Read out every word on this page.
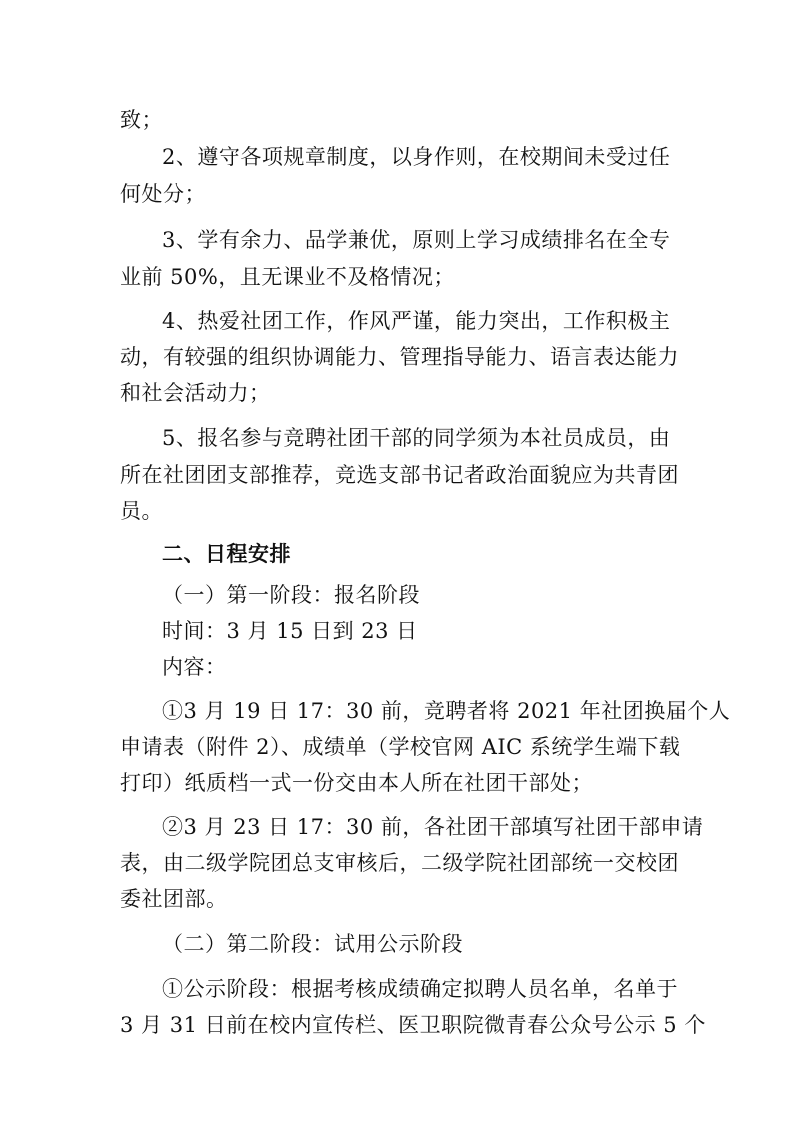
致；
2、遵守各项规章制度，以身作则，在校期间未受过任
何处分；
3、学有余力、品学兼优，原则上学习成绩排名在全专
业前 50%，且无课业不及格情况；
4、热爱社团工作，作风严谨，能力突出，工作积极主
动，有较强的组织协调能力、管理指导能力、语言表达能力
和社会活动力；
5、报名参与竞聘社团干部的同学须为本社员成员，由
所在社团团支部推荐，竞选支部书记者政治面貌应为共青团
员。
二、日程安排
（一）第一阶段：报名阶段
时间：3 月 15 日到 23 日
内容：
①3 月 19 日 17：30 前，竞聘者将 2021 年社团换届个人
申请表（附件 2）、成绩单（学校官网 AIC 系统学生端下载
打印）纸质档一式一份交由本人所在社团干部处；
②3 月 23 日 17：30 前，各社团干部填写社团干部申请
表，由二级学院团总支审核后，二级学院社团部统一交校团
委社团部。
（二）第二阶段：试用公示阶段
①公示阶段：根据考核成绩确定拟聘人员名单，名单于
3 月 31 日前在校内宣传栏、医卫职院微青春公众号公示 5 个
